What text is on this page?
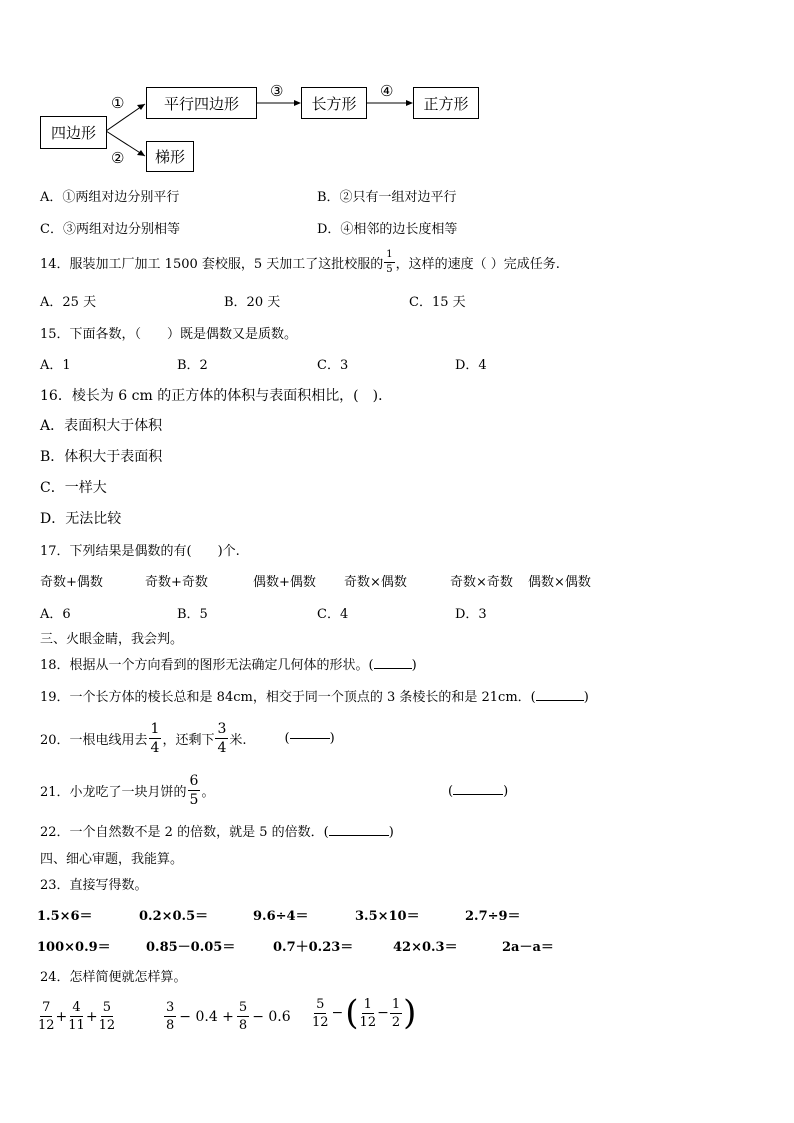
四边形
平行四边形
梯形
长方形	正方形
①
②
③	④
A．①两组对边分别平行	B．②只有一组对边平行
C．③两组对边分别相等	D．④相邻的边长度相等
14．服装加工厂加工 1500 套校服，5 天加工了这批校服的 $\frac{1}{5}$ ，这样的速度（ ）完成任务.
A．25 天	B．20 天	C．15 天
15．下面各数，（　　）既是偶数又是质数。
A．1	B．2	C．3	D．4
16．棱长为 6 cm 的正方体的体积与表面积相比，(　)．
A．表面积大于体积
B．体积大于表面积
C．一样大
D．无法比较
17．下列结果是偶数的有(　　)个.
奇数+偶数	奇数+奇数	偶数+偶数 奇数×偶数	奇数×奇数 偶数×偶数
A．6	B．5	C．4	D．3
三、火眼金睛，我会判。
18．根据从一个方向看到的图形无法确定几何体的形状。(	)
19．一个长方体的棱长总和是 84cm，相交于同一个顶点的 3 条棱长的和是 21cm．(	)
20．一根电线用去 $\frac{1}{4}$ ，还剩下 $\frac{3}{4}$ 米.	(	)
21．小龙吃了一块月饼的 $\frac{6}{5}$ 。	(	)
22．一个自然数不是 2 的倍数，就是 5 的倍数．(	)
四、细心审题，我能算。
23．直接写得数。
1.5×6＝	0.2×0.5＝	9.6÷4＝	3.5×10＝	2.7÷9＝
100×0.9＝	0.85－0.05＝	0.7＋0.23＝	42×0.3＝	2a－a＝
24．怎样简便就怎样算。
$\frac{7}{12} + \frac{4}{11} + \frac{5}{12}$	$\frac{3}{8} - 0.4 + \frac{5}{8} - 0.6 \frac{5}{12}$ − ( $\frac{1}{12} - \frac{1}{2}$ )
